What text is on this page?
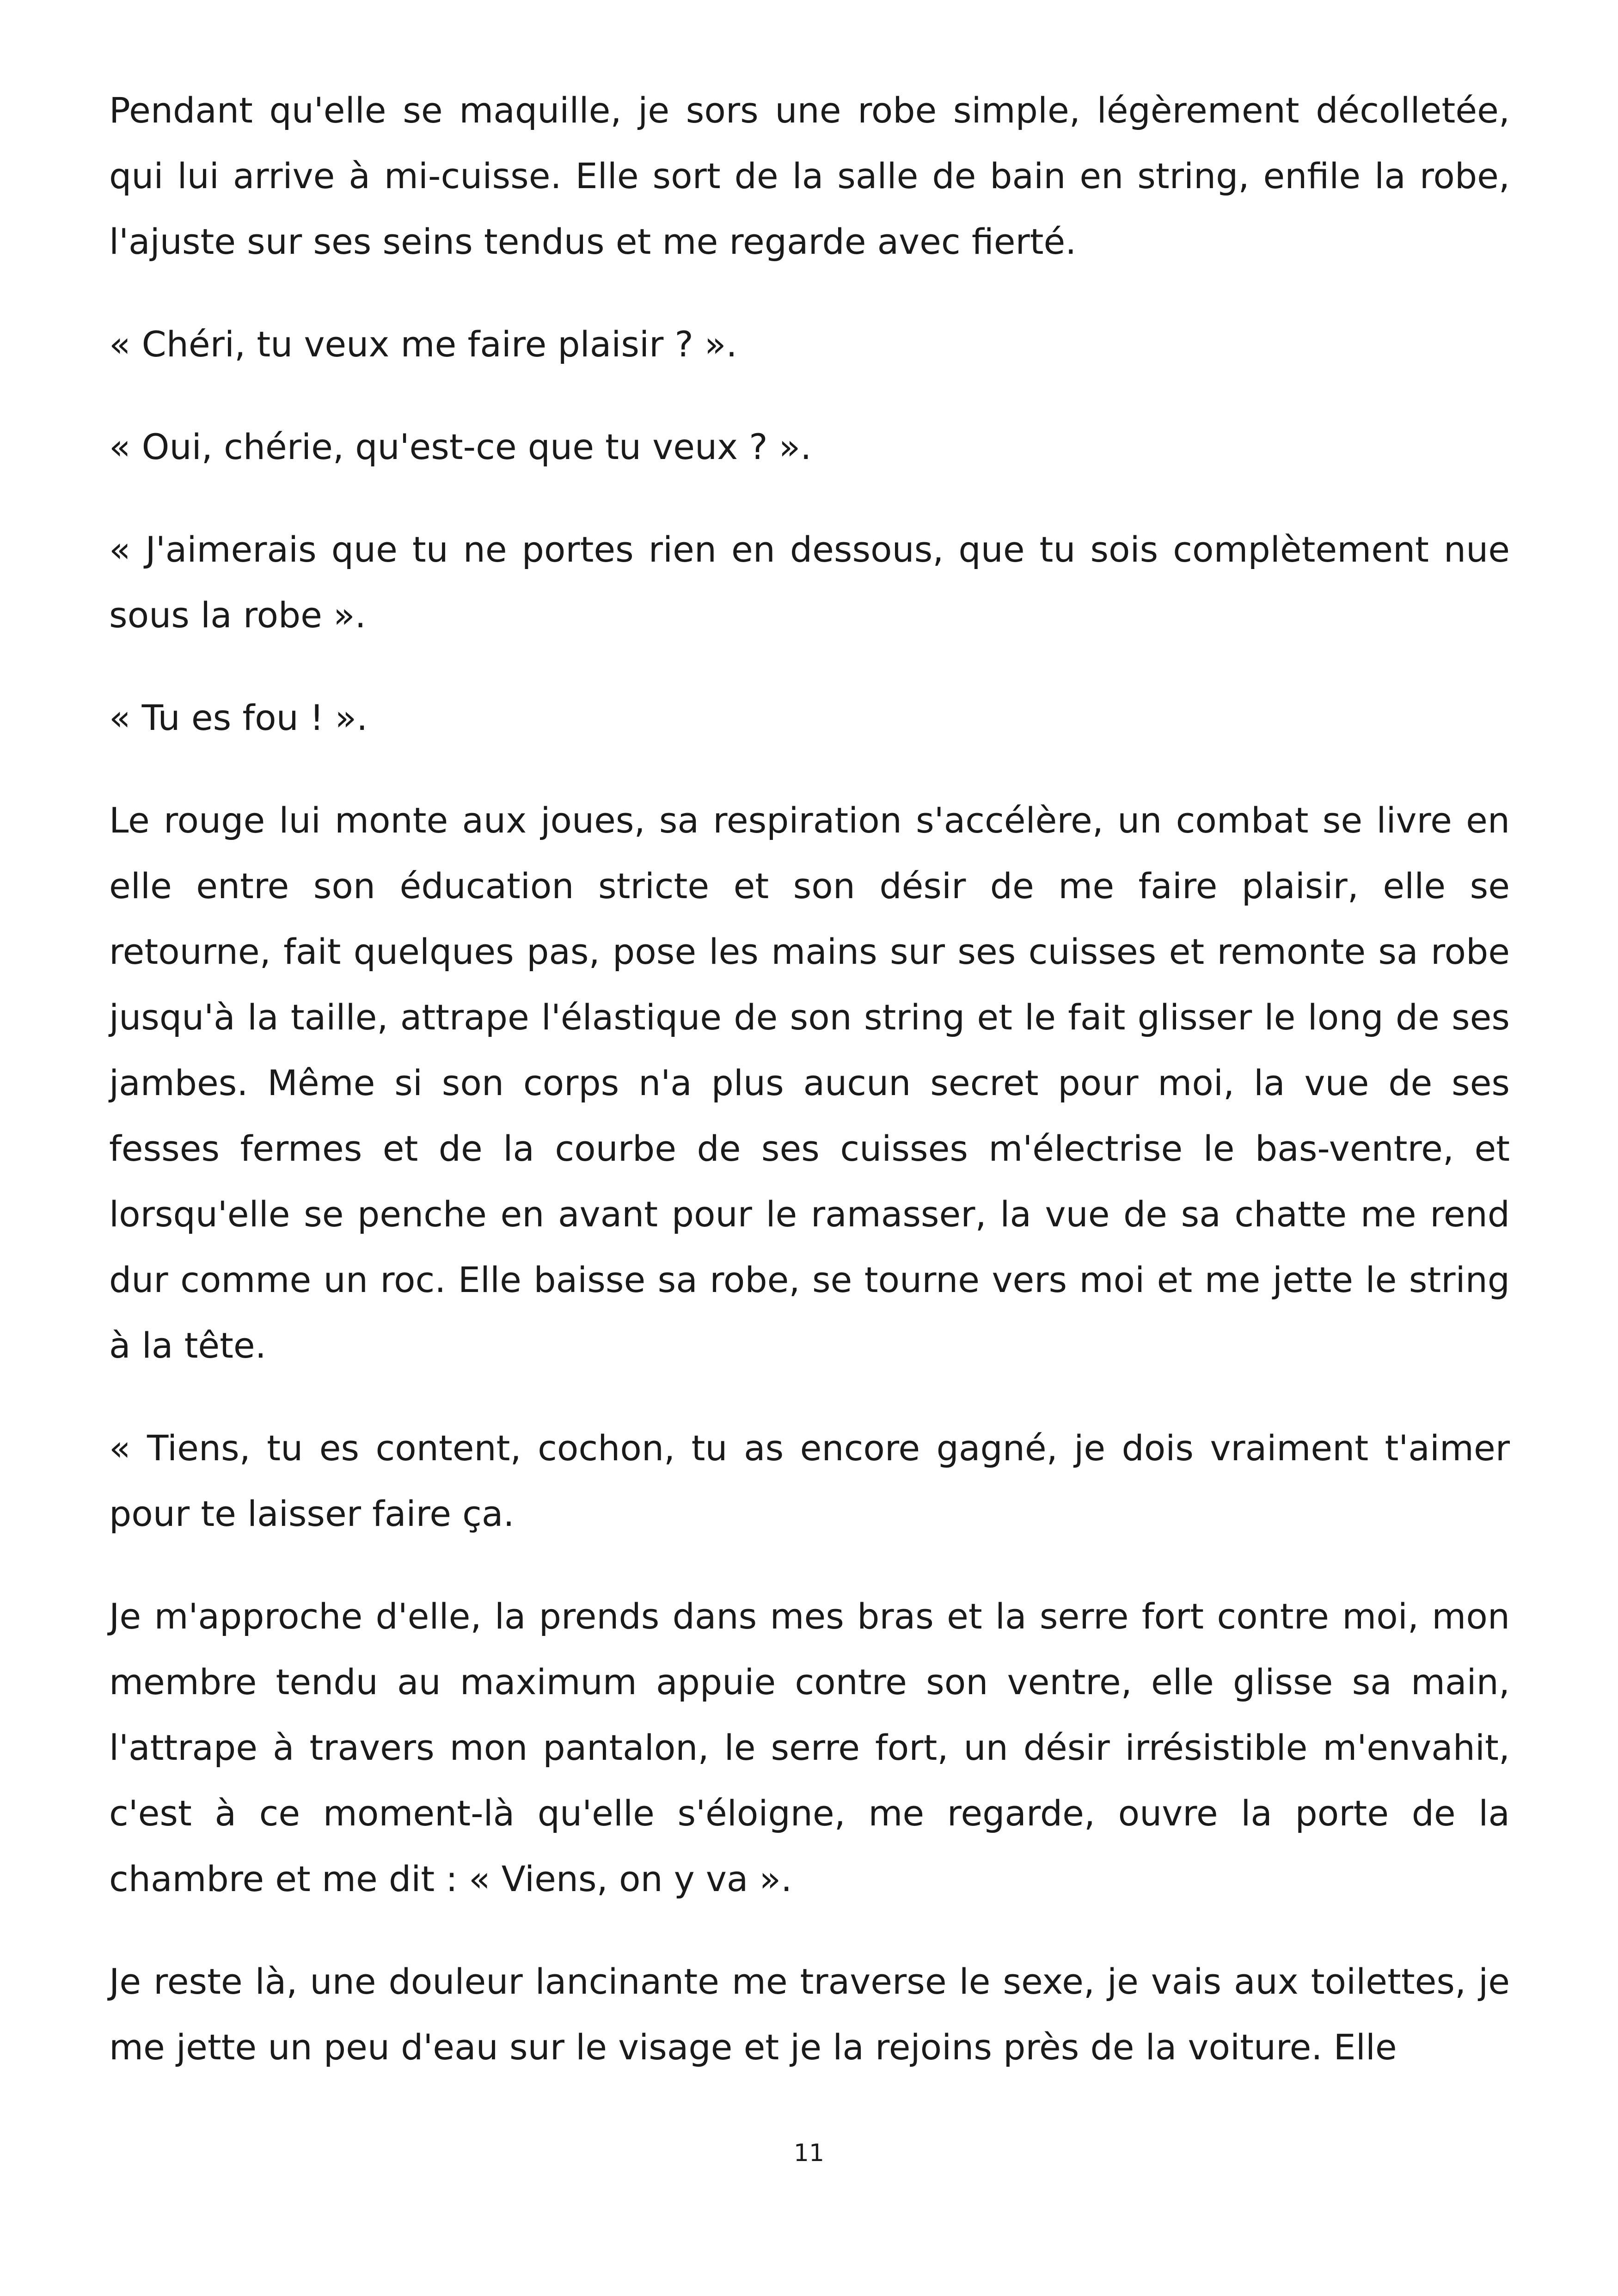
Pendant qu'elle se maquille, je sors une robe simple, légèrement décolletée, qui lui arrive à mi-cuisse. Elle sort de la salle de bain en string, enfile la robe, l'ajuste sur ses seins tendus et me regarde avec fierté.

« Chéri, tu veux me faire plaisir ? ».

« Oui, chérie, qu'est-ce que tu veux ? ».

« J'aimerais que tu ne portes rien en dessous, que tu sois complètement nue sous la robe ».

« Tu es fou ! ».

Le rouge lui monte aux joues, sa respiration s'accélère, un combat se livre en elle entre son éducation stricte et son désir de me faire plaisir, elle se retourne, fait quelques pas, pose les mains sur ses cuisses et remonte sa robe jusqu'à la taille, attrape l'élastique de son string et le fait glisser le long de ses jambes. Même si son corps n'a plus aucun secret pour moi, la vue de ses fesses fermes et de la courbe de ses cuisses m'électrise le bas-ventre, et lorsqu'elle se penche en avant pour le ramasser, la vue de sa chatte me rend dur comme un roc. Elle baisse sa robe, se tourne vers moi et me jette le string à la tête.

« Tiens, tu es content, cochon, tu as encore gagné, je dois vraiment t'aimer pour te laisser faire ça.

Je m'approche d'elle, la prends dans mes bras et la serre fort contre moi, mon membre tendu au maximum appuie contre son ventre, elle glisse sa main, l'attrape à travers mon pantalon, le serre fort, un désir irrésistible m'envahit, c'est à ce moment-là qu'elle s'éloigne, me regarde, ouvre la porte de la chambre et me dit : « Viens, on y va ».

Je reste là, une douleur lancinante me traverse le sexe, je vais aux toilettes, je me jette un peu d'eau sur le visage et je la rejoins près de la voiture. Elle

11
